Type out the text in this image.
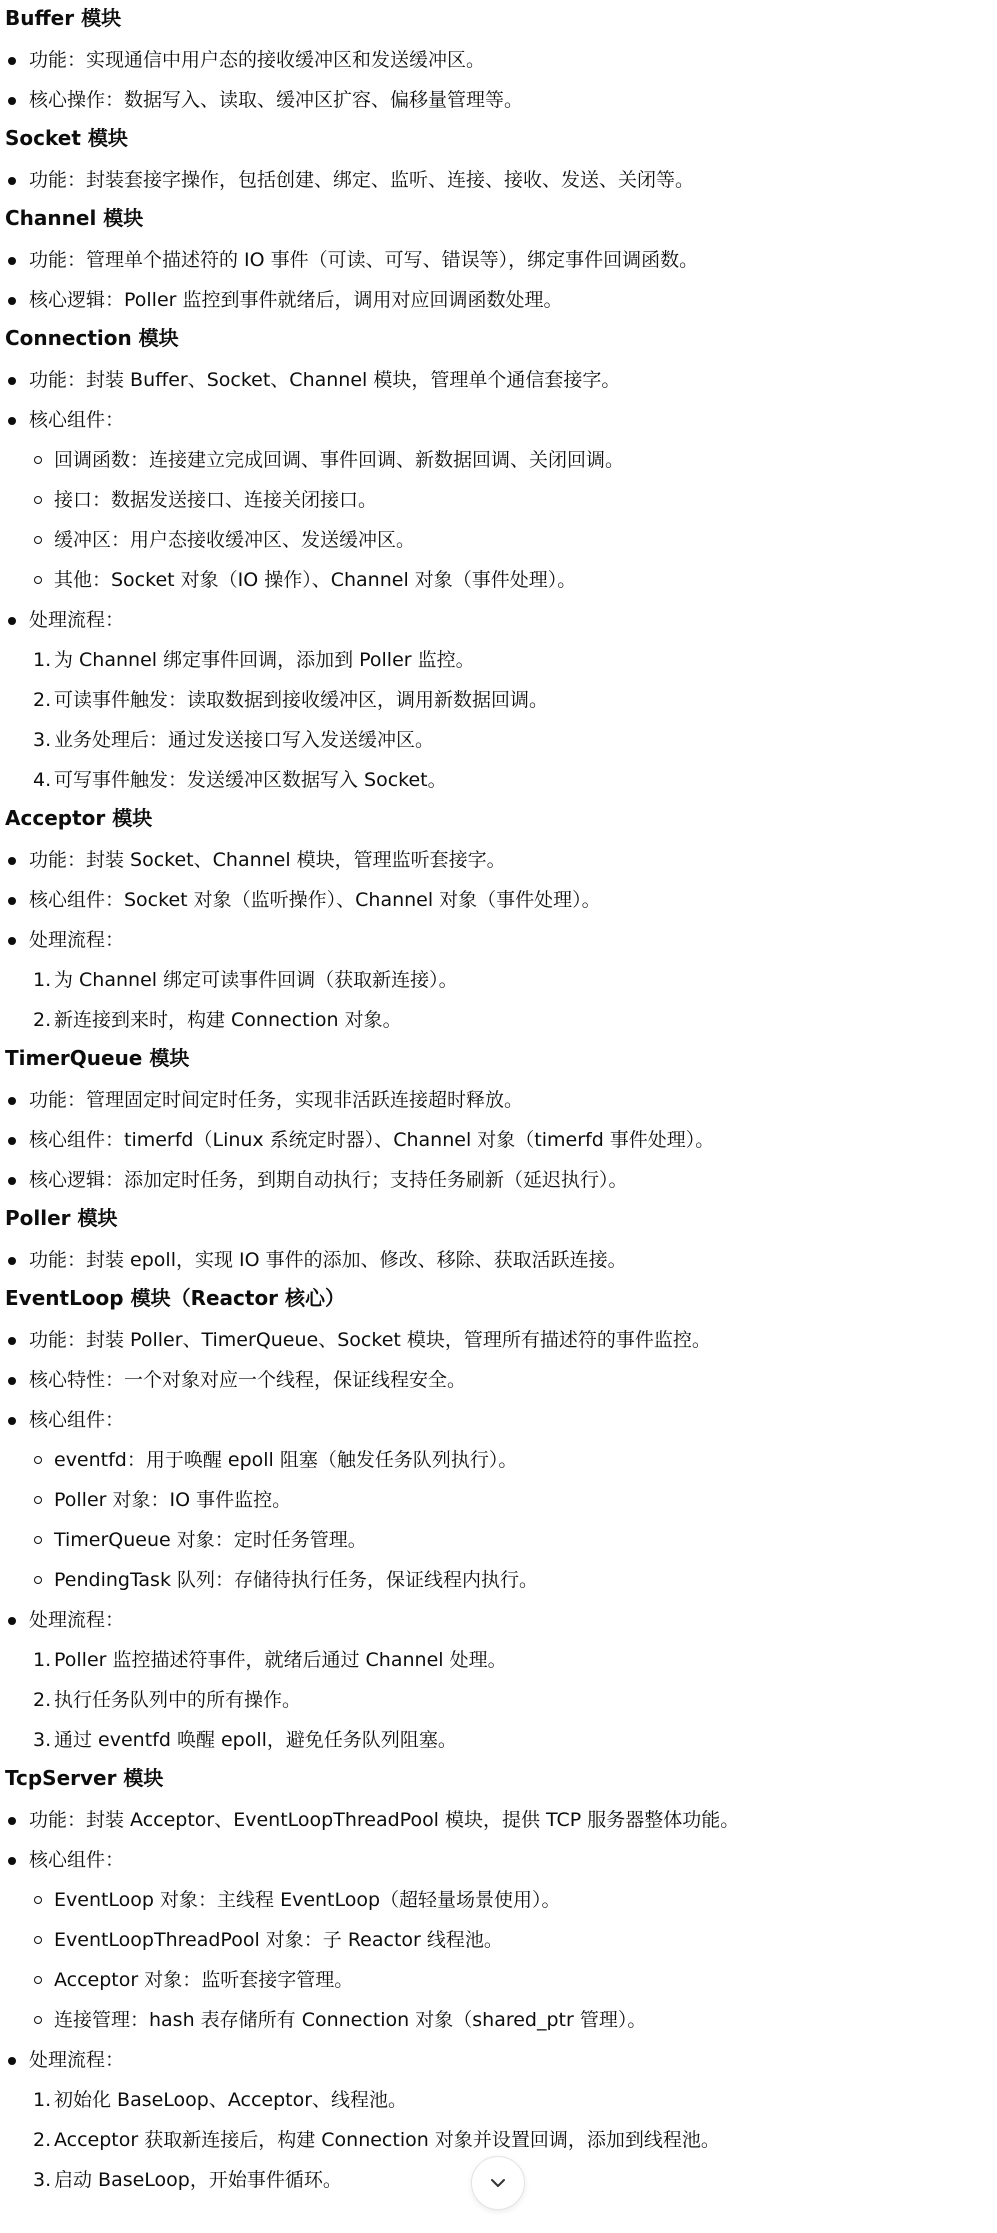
Buffer 模块
功能：实现通信中用户态的接收缓冲区和发送缓冲区。
核心操作：数据写入、读取、缓冲区扩容、偏移量管理等。
Socket 模块
功能：封装套接字操作，包括创建、绑定、监听、连接、接收、发送、关闭等。
Channel 模块
功能：管理单个描述符的 IO 事件（可读、可写、错误等），绑定事件回调函数。
核心逻辑：Poller 监控到事件就绪后，调用对应回调函数处理。
Connection 模块
功能：封装 Buffer、Socket、Channel 模块，管理单个通信套接字。
核心组件：
回调函数：连接建立完成回调、事件回调、新数据回调、关闭回调。
接口：数据发送接口、连接关闭接口。
缓冲区：用户态接收缓冲区、发送缓冲区。
其他：Socket 对象（IO 操作）、Channel 对象（事件处理）。
处理流程：
1. 为 Channel 绑定事件回调，添加到 Poller 监控。
2. 可读事件触发：读取数据到接收缓冲区，调用新数据回调。
3. 业务处理后：通过发送接口写入发送缓冲区。
4. 可写事件触发：发送缓冲区数据写入 Socket。
Acceptor 模块
功能：封装 Socket、Channel 模块，管理监听套接字。
核心组件：Socket 对象（监听操作）、Channel 对象（事件处理）。
处理流程：
1. 为 Channel 绑定可读事件回调（获取新连接）。
2. 新连接到来时，构建 Connection 对象。
TimerQueue 模块
功能：管理固定时间定时任务，实现非活跃连接超时释放。
核心组件：timerfd（Linux 系统定时器）、Channel 对象（timerfd 事件处理）。
核心逻辑：添加定时任务，到期自动执行；支持任务刷新（延迟执行）。
Poller 模块
功能：封装 epoll，实现 IO 事件的添加、修改、移除、获取活跃连接。
EventLoop 模块（Reactor 核心）
功能：封装 Poller、TimerQueue、Socket 模块，管理所有描述符的事件监控。
核心特性：一个对象对应一个线程，保证线程安全。
核心组件：
eventfd：用于唤醒 epoll 阻塞（触发任务队列执行）。
Poller 对象：IO 事件监控。
TimerQueue 对象：定时任务管理。
PendingTask 队列：存储待执行任务，保证线程内执行。
处理流程：
1. Poller 监控描述符事件，就绪后通过 Channel 处理。
2. 执行任务队列中的所有操作。
3. 通过 eventfd 唤醒 epoll，避免任务队列阻塞。
TcpServer 模块
功能：封装 Acceptor、EventLoopThreadPool 模块，提供 TCP 服务器整体功能。
核心组件：
EventLoop 对象：主线程 EventLoop（超轻量场景使用）。
EventLoopThreadPool 对象：子 Reactor 线程池。
Acceptor 对象：监听套接字管理。
连接管理：hash 表存储所有 Connection 对象（shared_ptr 管理）。
处理流程：
1. 初始化 BaseLoop、Acceptor、线程池。
2. Acceptor 获取新连接后，构建 Connection 对象并设置回调，添加到线程池。
3. 启动 BaseLoop，开始事件循环。
